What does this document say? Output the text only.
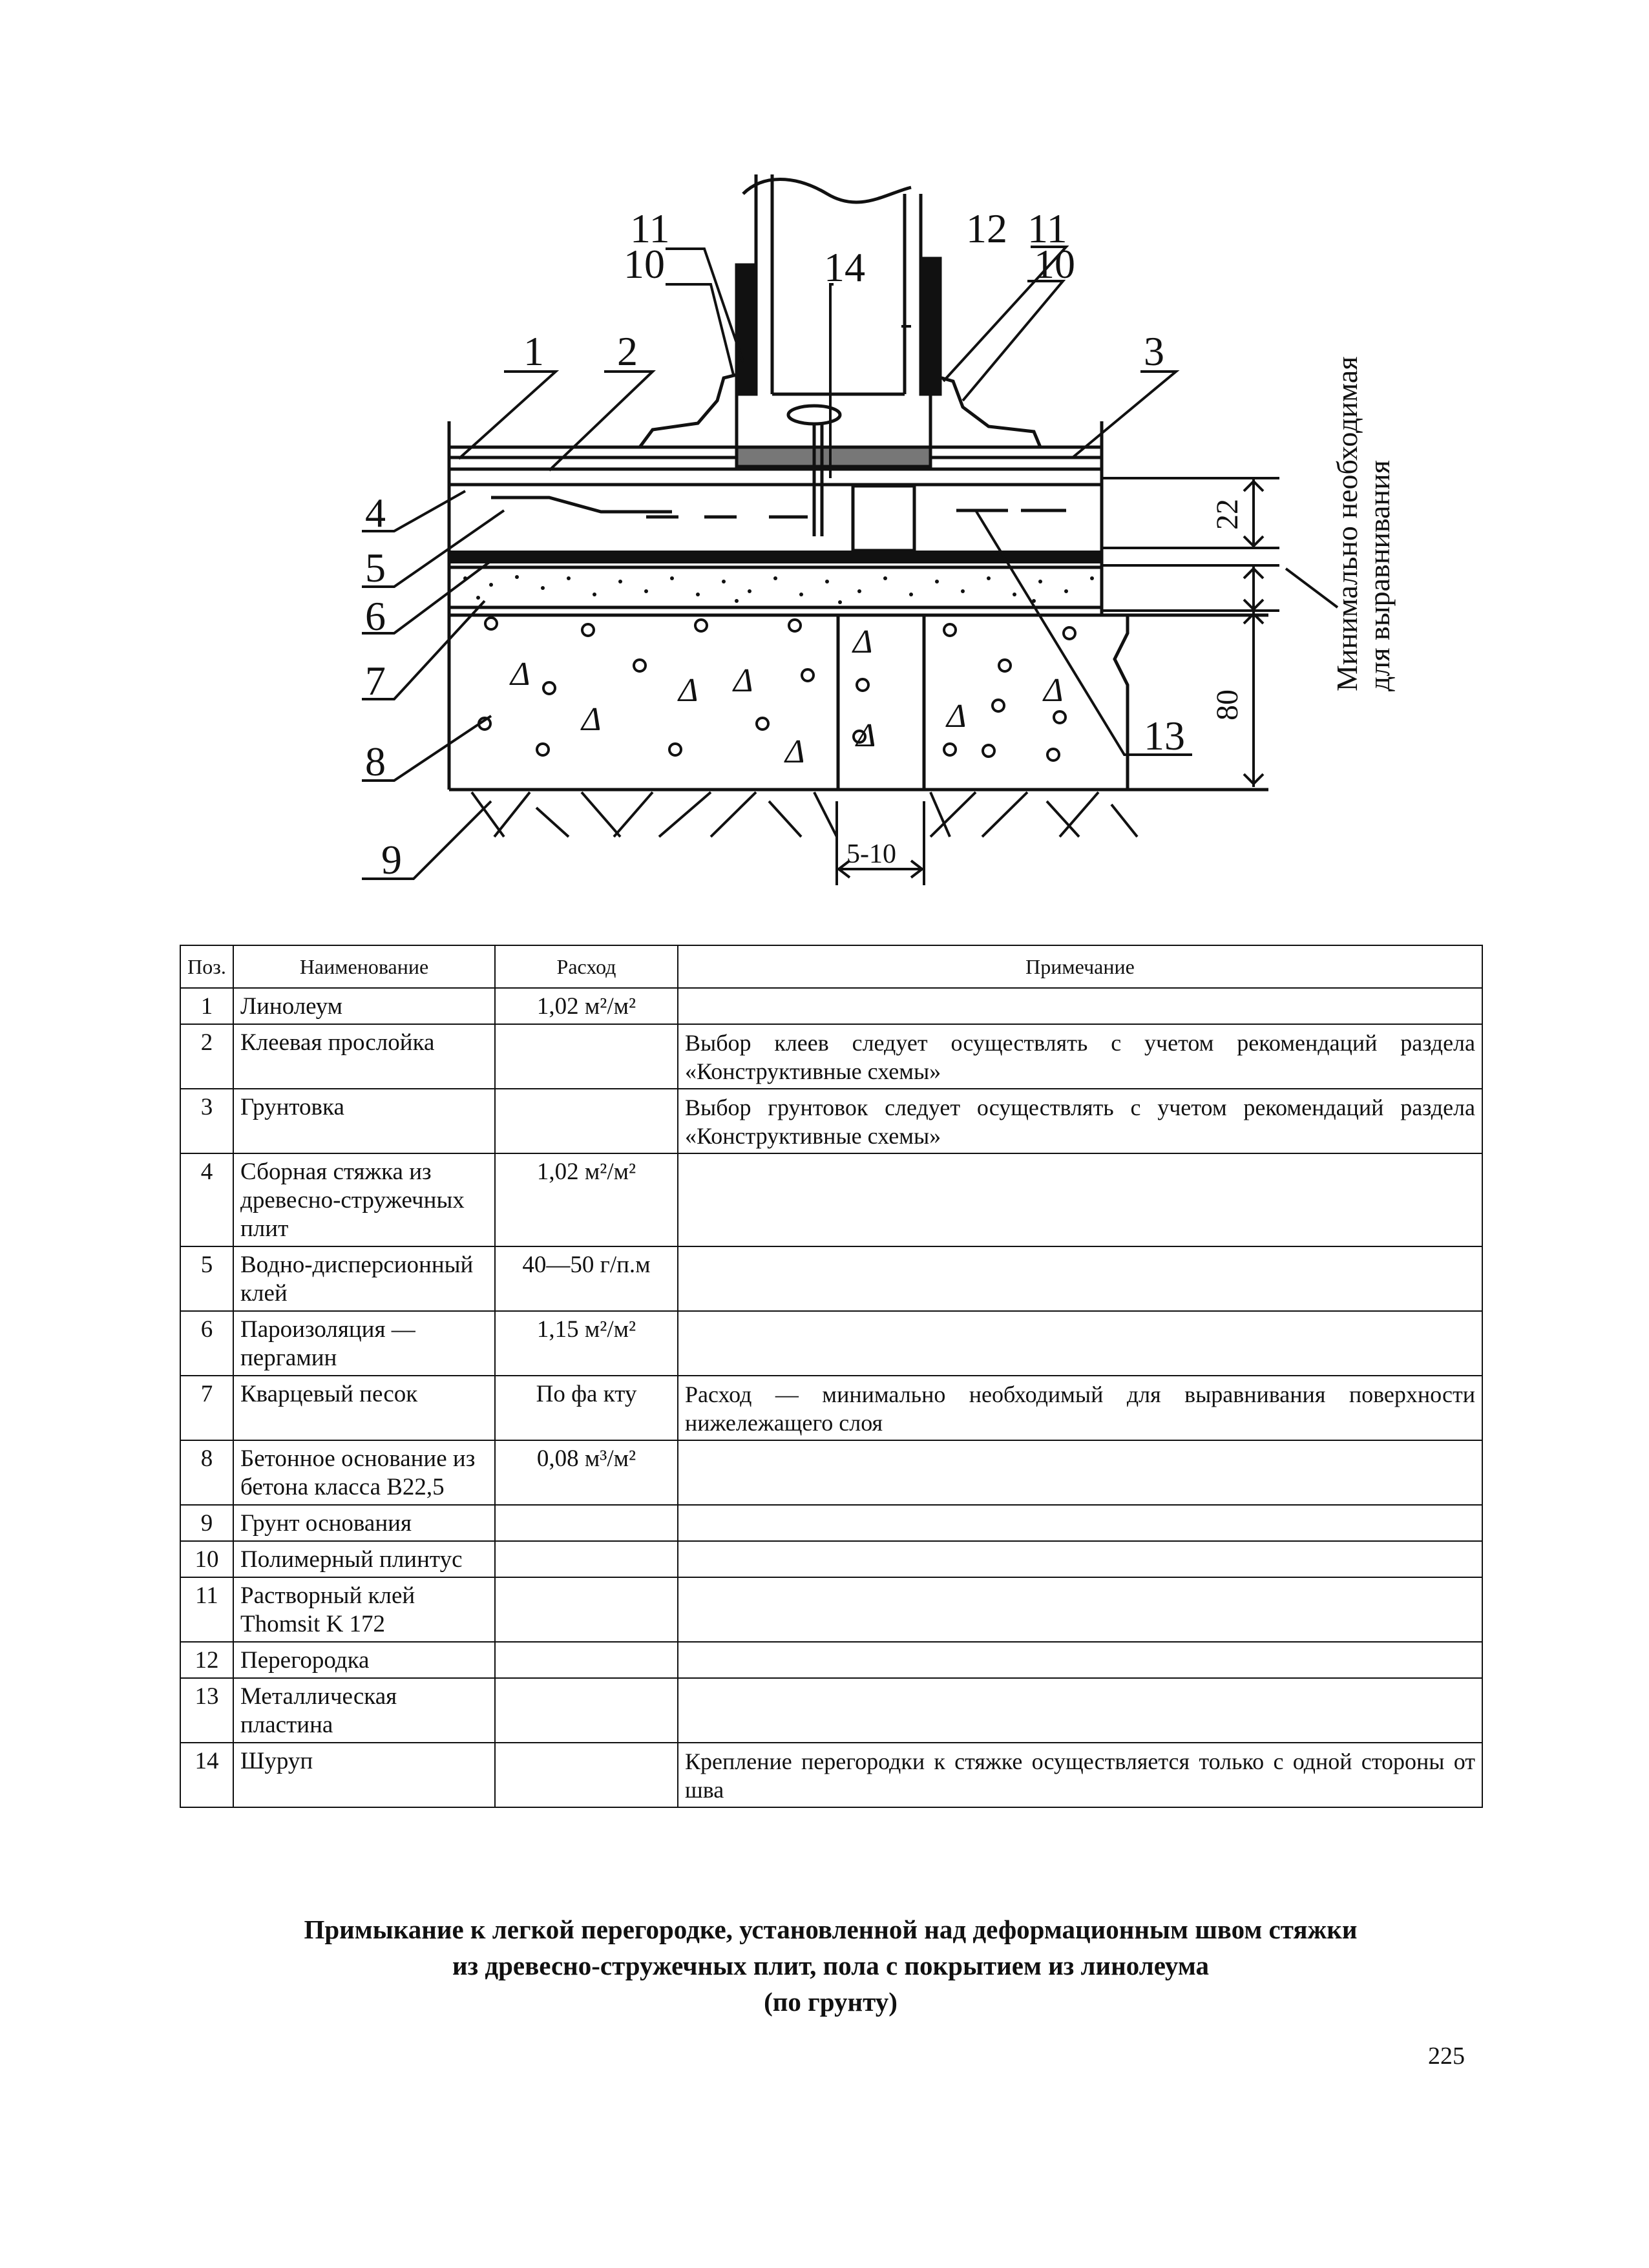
Δ
Δ
Δ Δ
Δ
Δ
Δ
Δ
Δ
1 2	3
4
5
6
7
8
9
10	10
11	11
12
13
14
22
80
5-10
Минимально необходимая для выравнивания
Поз.	Наименование	Расход	Примечание
1	Линолеум	1,02 м²/м²	
2	Клеевая прослойка		Выбор клеев следует осуществлять с учетом рекомендаций раздела «Конструктивные схемы»
3	Грунтовка		Выбор грунтовок следует осуществлять с учетом рекомендаций раздела «Конструктивные схемы»
4	Сборная стяжка из древесно-стружечных плит	1,02 м²/м²	
5	Водно-дисперсионный клей	40—50 г/п.м	
6	Пароизоляция — пергамин	1,15 м²/м²	
7	Кварцевый песок	По фа кту	Расход — минимально необходимый для выравнивания поверхности нижележащего слоя
8	Бетонное основание из бетона класса В22,5	0,08 м³/м²	
9	Грунт основания		
10	Полимерный плинтус		
11	Растворный клей Thomsit K 172		
12	Перегородка		
13	Металлическая пластина		
14	Шуруп		Крепление перегородки к стяжке осуществляется только с одной стороны от шва
Примыкание к легкой перегородке, установленной над деформационным швом стяжки
из древесно-стружечных плит, пола с покрытием из линолеума
(по грунту)
225
